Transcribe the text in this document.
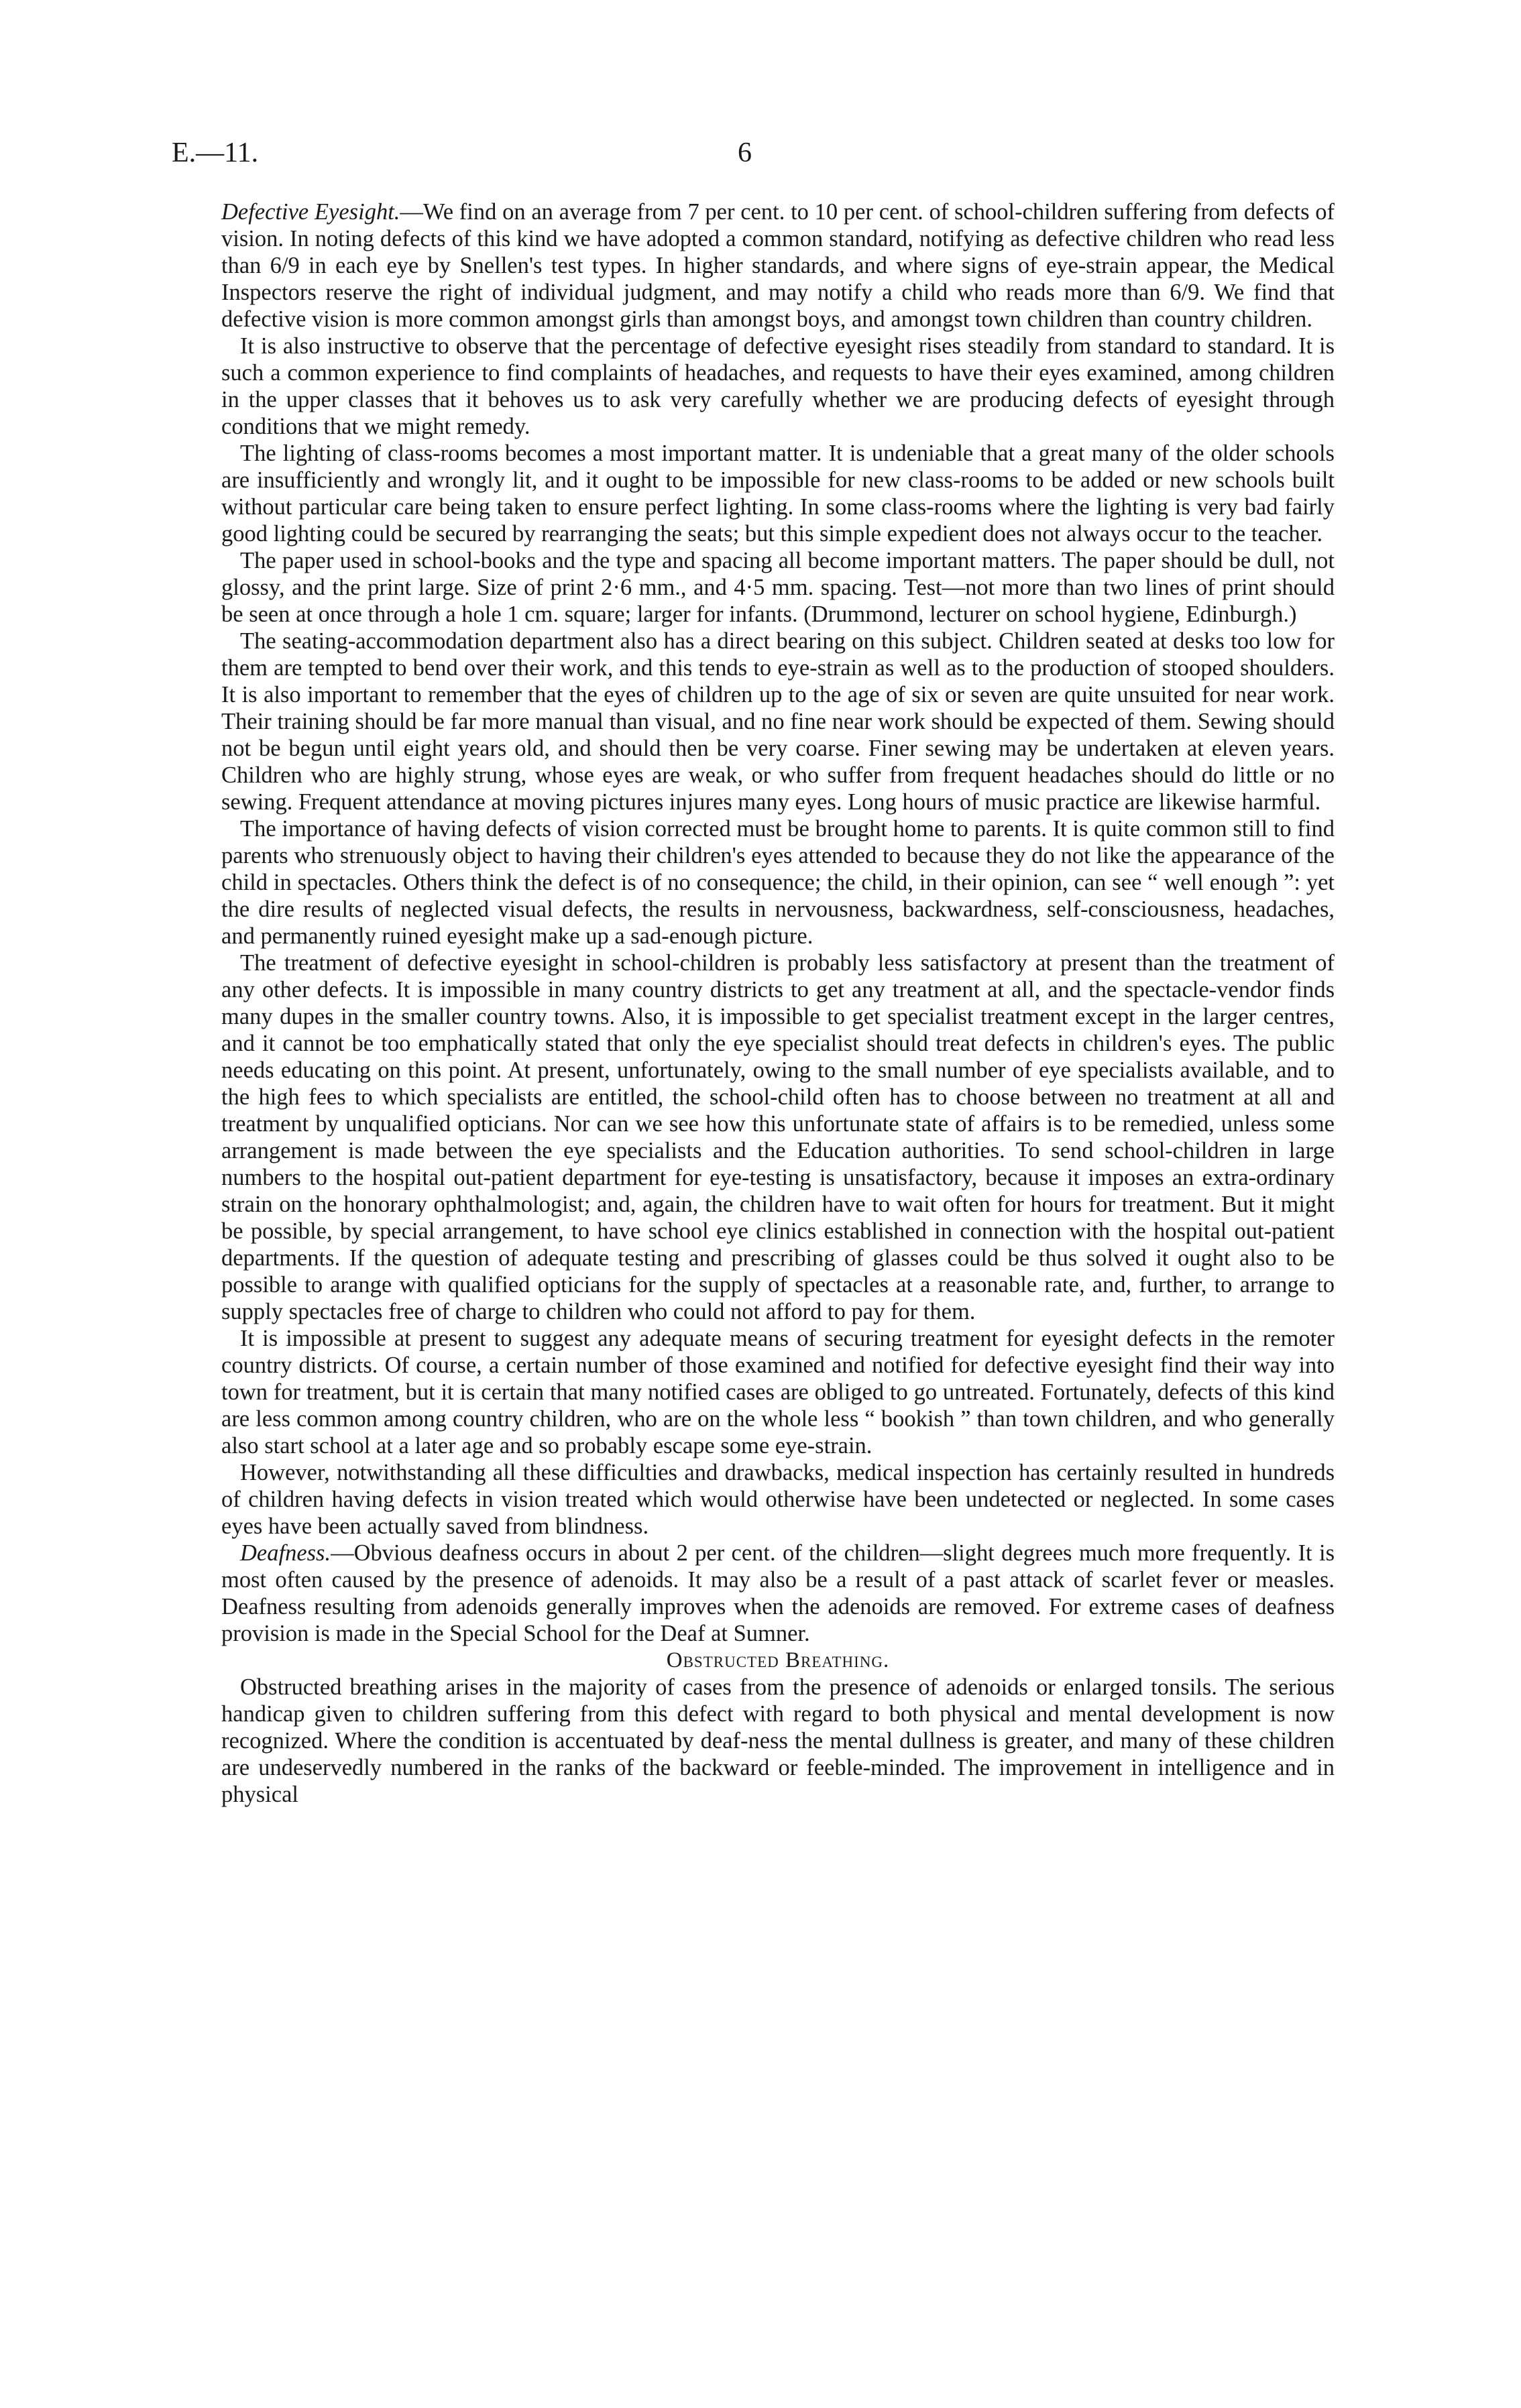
E.—11.	6

Defective Eyesight.—We find on an average from 7 per cent. to 10 per cent. of school-children suffering from defects of vision. In noting defects of this kind we have adopted a common standard, notifying as defective children who read less than 6/9 in each eye by Snellen's test types. In higher standards, and where signs of eye-strain appear, the Medical Inspectors reserve the right of individual judgment, and may notify a child who reads more than 6/9. We find that defective vision is more common amongst girls than amongst boys, and amongst town children than country children.

It is also instructive to observe that the percentage of defective eyesight rises steadily from standard to standard. It is such a common experience to find complaints of headaches, and requests to have their eyes examined, among children in the upper classes that it behoves us to ask very carefully whether we are producing defects of eyesight through conditions that we might remedy.

The lighting of class-rooms becomes a most important matter. It is undeniable that a great many of the older schools are insufficiently and wrongly lit, and it ought to be impossible for new class-rooms to be added or new schools built without particular care being taken to ensure perfect lighting. In some class-rooms where the lighting is very bad fairly good lighting could be secured by rearranging the seats; but this simple expedient does not always occur to the teacher.

The paper used in school-books and the type and spacing all become important matters. The paper should be dull, not glossy, and the print large. Size of print 2·6 mm., and 4·5 mm. spacing. Test—not more than two lines of print should be seen at once through a hole 1 cm. square; larger for infants. (Drummond, lecturer on school hygiene, Edinburgh.)

The seating-accommodation department also has a direct bearing on this subject. Children seated at desks too low for them are tempted to bend over their work, and this tends to eye-strain as well as to the production of stooped shoulders. It is also important to remember that the eyes of children up to the age of six or seven are quite unsuited for near work. Their training should be far more manual than visual, and no fine near work should be expected of them. Sewing should not be begun until eight years old, and should then be very coarse. Finer sewing may be undertaken at eleven years. Children who are highly strung, whose eyes are weak, or who suffer from frequent headaches should do little or no sewing. Frequent attendance at moving pictures injures many eyes. Long hours of music practice are likewise harmful.

The importance of having defects of vision corrected must be brought home to parents. It is quite common still to find parents who strenuously object to having their children's eyes attended to because they do not like the appearance of the child in spectacles. Others think the defect is of no consequence; the child, in their opinion, can see “ well enough ”: yet the dire results of neglected visual defects, the results in nervousness, backwardness, self-consciousness, headaches, and permanently ruined eyesight make up a sad-enough picture.

The treatment of defective eyesight in school-children is probably less satisfactory at present than the treatment of any other defects. It is impossible in many country districts to get any treatment at all, and the spectacle-vendor finds many dupes in the smaller country towns. Also, it is impossible to get specialist treatment except in the larger centres, and it cannot be too emphatically stated that only the eye specialist should treat defects in children's eyes. The public needs educating on this point. At present, unfortunately, owing to the small number of eye specialists available, and to the high fees to which specialists are entitled, the school-child often has to choose between no treatment at all and treatment by unqualified opticians. Nor can we see how this unfortunate state of affairs is to be remedied, unless some arrangement is made between the eye specialists and the Education authorities. To send school-children in large numbers to the hospital out-patient department for eye-testing is unsatisfactory, because it imposes an extra-ordinary strain on the honorary ophthalmologist; and, again, the children have to wait often for hours for treatment. But it might be possible, by special arrangement, to have school eye clinics established in connection with the hospital out-patient departments. If the question of adequate testing and prescribing of glasses could be thus solved it ought also to be possible to arange with qualified opticians for the supply of spectacles at a reasonable rate, and, further, to arrange to supply spectacles free of charge to children who could not afford to pay for them.

It is impossible at present to suggest any adequate means of securing treatment for eyesight defects in the remoter country districts. Of course, a certain number of those examined and notified for defective eyesight find their way into town for treatment, but it is certain that many notified cases are obliged to go untreated. Fortunately, defects of this kind are less common among country children, who are on the whole less “ bookish ” than town children, and who generally also start school at a later age and so probably escape some eye-strain.

However, notwithstanding all these difficulties and drawbacks, medical inspection has certainly resulted in hundreds of children having defects in vision treated which would otherwise have been undetected or neglected. In some cases eyes have been actually saved from blindness.

Deafness.—Obvious deafness occurs in about 2 per cent. of the children—slight degrees much more frequently. It is most often caused by the presence of adenoids. It may also be a result of a past attack of scarlet fever or measles. Deafness resulting from adenoids generally improves when the adenoids are removed. For extreme cases of deafness provision is made in the Special School for the Deaf at Sumner.

Obstructed Breathing.

Obstructed breathing arises in the majority of cases from the presence of adenoids or enlarged tonsils. The serious handicap given to children suffering from this defect with regard to both physical and mental development is now recognized. Where the condition is accentuated by deaf-ness the mental dullness is greater, and many of these children are undeservedly numbered in the ranks of the backward or feeble-minded. The improvement in intelligence and in physical
